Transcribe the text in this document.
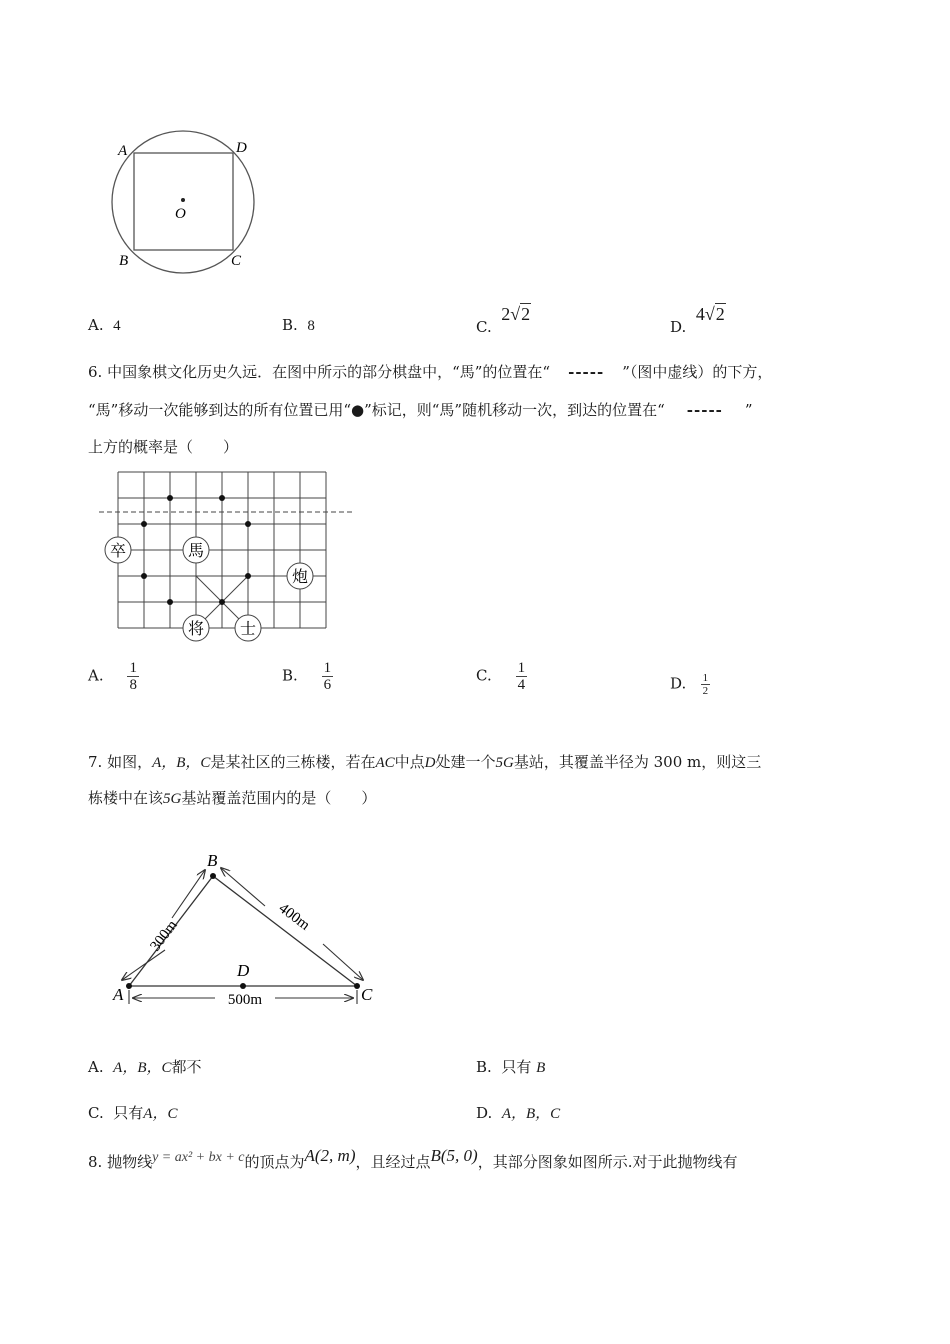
A	D
O
B	C
A. 4	B. 8	C.  2√2
D.  4√2
6. 中国象棋文化历史久远．在图中所示的部分棋盘中，“馬”的位置在“ ----- ”（图中虚线）的下方，
“馬”移动一次能够到达的所有位置已用“●”标记，则“馬”随机移动一次，到达的位置在“ ----- ”
上方的概率是（　　）
卒	馬
炮
将 士
A. $\frac{1}{8}$	B. $\frac{1}{6}$	C. $\frac{1}{4}$	D. $\frac{1}{2}$
7. 如图，A，B，C是某社区的三栋楼，若在AC中点D处建一个5G基站，其覆盖半径为 300 m，则这三
栋楼中在该5G基站覆盖范围内的是（　　）
A
B
C
D
300m
400m
500m
A. A，B，C都不	B. 只有 B
C. 只有A，C	D. A，B，C
8. 抛物线y = ax² + bx + c的顶点为A(2, m)，且经过点B(5, 0)，其部分图象如图所示.对于此抛物线有
